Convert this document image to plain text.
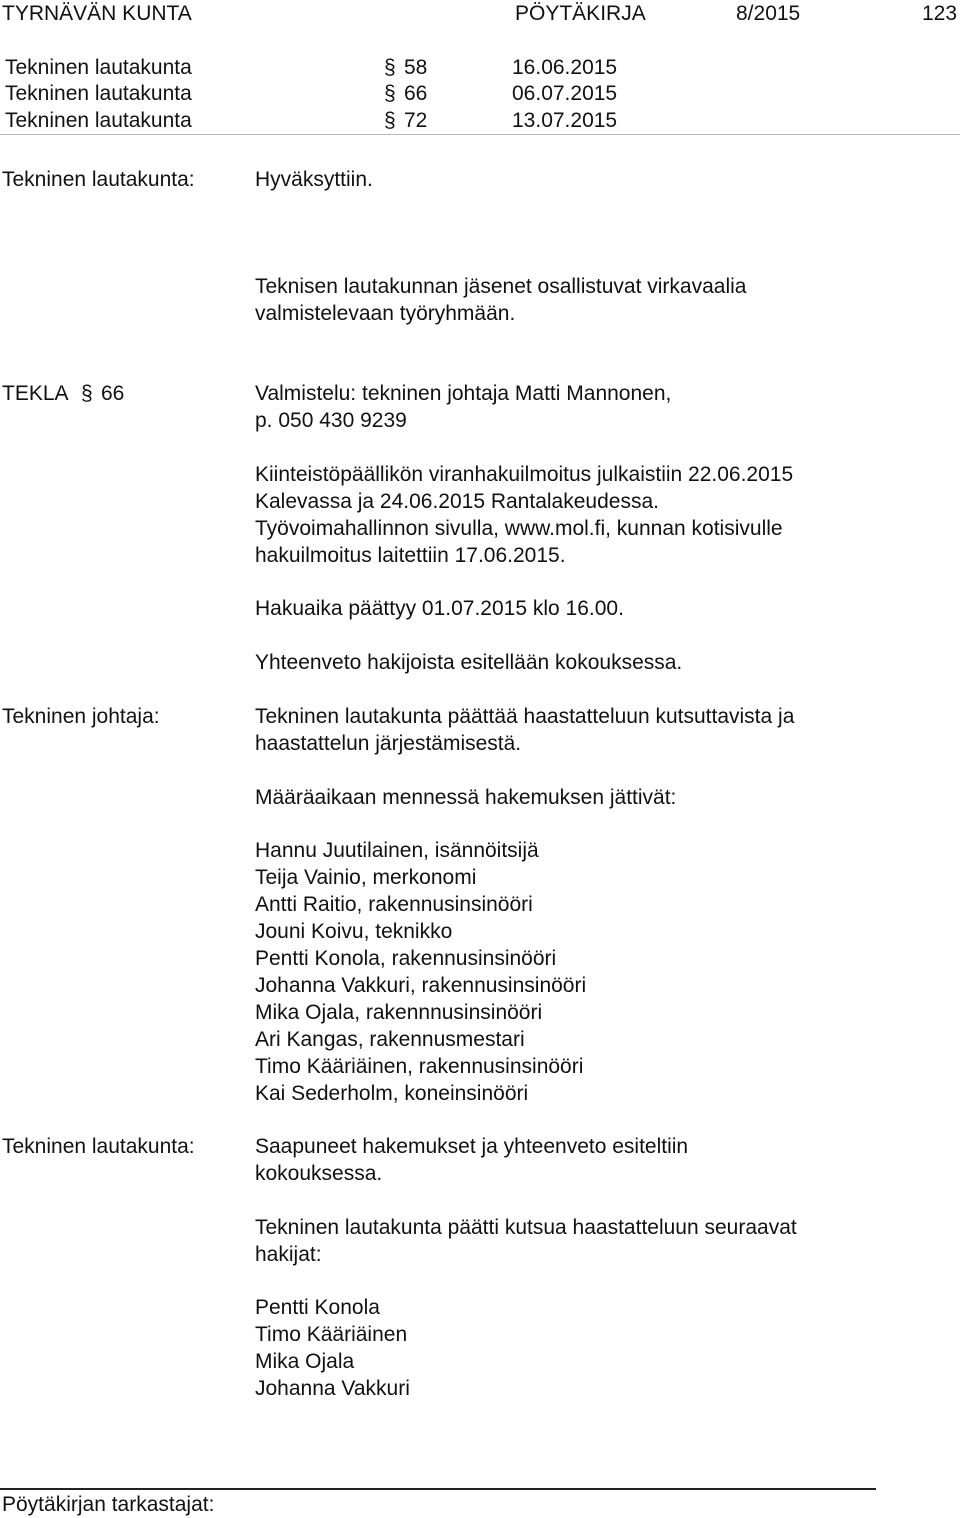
TYRNÄVÄN KUNTA	PÖYTÄKIRJA	8/2015	123
Tekninen lautakunta	§ 58	16.06.2015
Tekninen lautakunta	§ 66	06.07.2015
Tekninen lautakunta	§ 72	13.07.2015
Tekninen lautakunta:	Hyväksyttiin.
Teknisen lautakunnan jäsenet osallistuvat virkavaalia
valmistelevaan työryhmään.
TEKLA § 66	Valmistelu: tekninen johtaja Matti Mannonen,
p. 050 430 9239
Kiinteistöpäällikön viranhakuilmoitus julkaistiin 22.06.2015
Kalevassa ja 24.06.2015 Rantalakeudessa.
Työvoimahallinnon sivulla, www.mol.fi, kunnan kotisivulle
hakuilmoitus laitettiin 17.06.2015.
Hakuaika päättyy 01.07.2015 klo 16.00.
Yhteenveto hakijoista esitellään kokouksessa.
Tekninen johtaja:	Tekninen lautakunta päättää haastatteluun kutsuttavista ja
haastattelun järjestämisestä.
Määräaikaan mennessä hakemuksen jättivät:
Hannu Juutilainen, isännöitsijä
Teija Vainio, merkonomi
Antti Raitio, rakennusinsinööri
Jouni Koivu, teknikko
Pentti Konola, rakennusinsinööri
Johanna Vakkuri, rakennusinsinööri
Mika Ojala, rakennnusinsinööri
Ari Kangas, rakennusmestari
Timo Kääriäinen, rakennusinsinööri
Kai Sederholm, koneinsinööri
Tekninen lautakunta:	Saapuneet hakemukset ja yhteenveto esiteltiin
kokouksessa.
Tekninen lautakunta päätti kutsua haastatteluun seuraavat
hakijat:
Pentti Konola
Timo Kääriäinen
Mika Ojala
Johanna Vakkuri
Pöytäkirjan tarkastajat:
